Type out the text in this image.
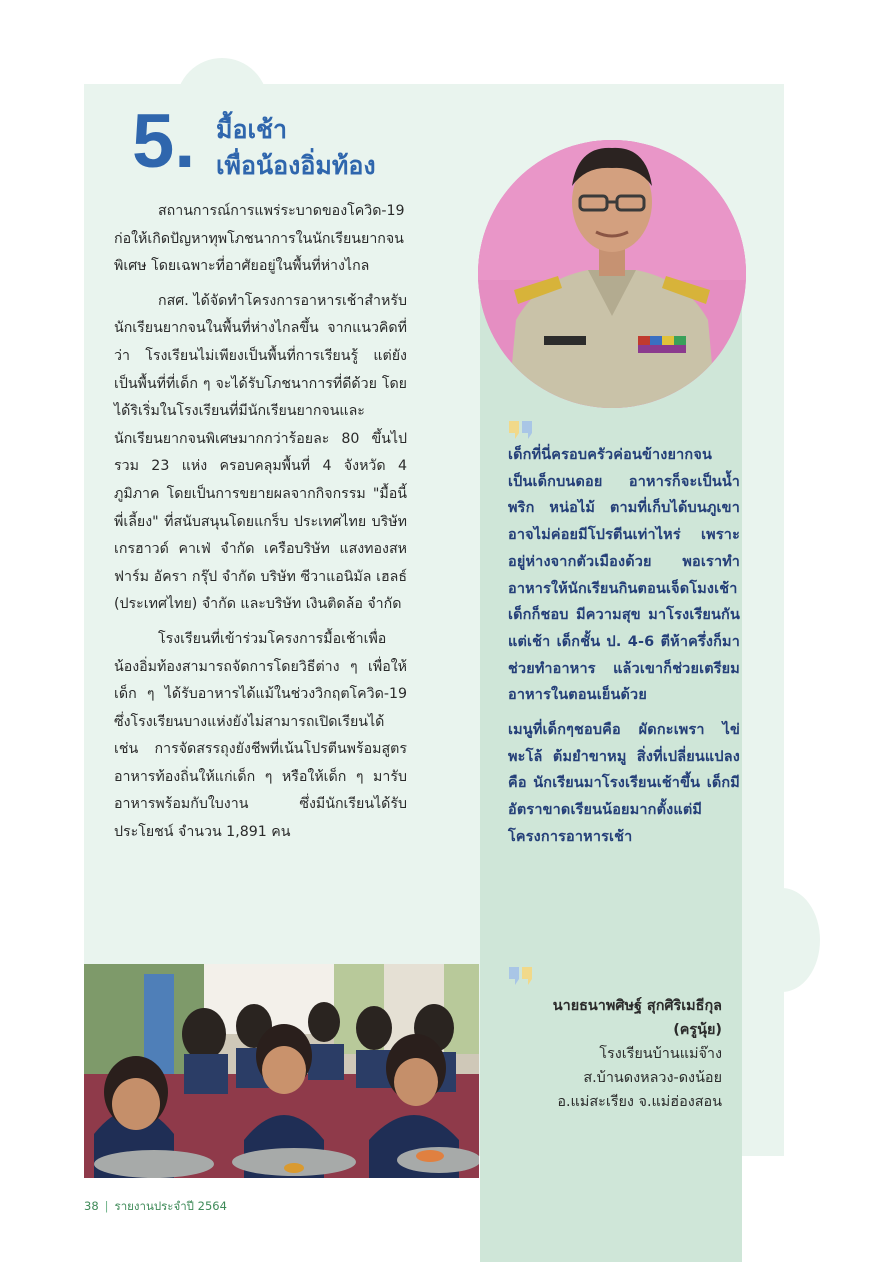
5. มื้อเช้า
เพื่อน้องอิ่มท้อง

สถานการณ์การแพร่ระบาดของโควิด-19 ก่อให้เกิดปัญหาทุพโภชนาการในนักเรียนยากจนพิเศษ โดยเฉพาะที่อาศัยอยู่ในพื้นที่ห่างไกล

กสศ. ได้จัดทำโครงการอาหารเช้าสำหรับนักเรียนยากจนในพื้นที่ห่างไกลขึ้น จากแนวคิดที่ว่า โรงเรียนไม่เพียงเป็นพื้นที่การเรียนรู้ แต่ยังเป็นพื้นที่ที่เด็ก ๆ จะได้รับโภชนาการที่ดีด้วย โดยได้ริเริ่มในโรงเรียนที่มีนักเรียนยากจนและนักเรียนยากจนพิเศษมากกว่าร้อยละ 80 ขึ้นไป รวม 23 แห่ง ครอบคลุมพื้นที่ 4 จังหวัด 4 ภูมิภาค โดยเป็นการขยายผลจากกิจกรรม "มื้อนี้พี่เลี้ยง" ที่สนับสนุนโดยแกร็บ ประเทศไทย บริษัทเกรฮาวด์ คาเฟ่ จำกัด เครือบริษัท แสงทองสหฟาร์ม อัครา กรุ๊ป จำกัด บริษัท ซีวาแอนิมัล เฮลธ์ (ประเทศไทย) จำกัด และบริษัท เงินติดล้อ จำกัด

โรงเรียนที่เข้าร่วมโครงการมื้อเช้าเพื่อน้องอิ่มท้องสามารถจัดการโดยวิธีต่าง ๆ เพื่อให้เด็ก ๆ ได้รับอาหารได้แม้ในช่วงวิกฤตโควิด-19 ซึ่งโรงเรียนบางแห่งยังไม่สามารถเปิดเรียนได้ เช่น การจัดสรรถุงยังชีพที่เน้นโปรตีนพร้อมสูตรอาหารท้องถิ่นให้แก่เด็ก ๆ หรือให้เด็ก ๆ มารับอาหารพร้อมกับใบงาน ซึ่งมีนักเรียนได้รับประโยชน์ จำนวน 1,891 คน

เด็กที่นี่ครอบครัวค่อนข้างยากจน เป็นเด็กบนดอย อาหารก็จะเป็นน้ำพริก หน่อไม้ ตามที่เก็บได้บนภูเขา อาจไม่ค่อยมีโปรตีนเท่าไหร่ เพราะอยู่ห่างจากตัวเมืองด้วย พอเราทำอาหารให้นักเรียนกินตอนเจ็ดโมงเช้า เด็กก็ชอบ มีความสุข มาโรงเรียนกันแต่เช้า เด็กชั้น ป. 4-6 ตีห้าครึ่งก็มาช่วยทำอาหาร แล้วเขาก็ช่วยเตรียมอาหารในตอนเย็นด้วย

เมนูที่เด็กๆชอบคือ ผัดกะเพรา ไข่พะโล้ ต้มยำขาหมู สิ่งที่เปลี่ยนแปลงคือ นักเรียนมาโรงเรียนเช้าขึ้น เด็กมีอัตราขาดเรียนน้อยมากตั้งแต่มีโครงการอาหารเช้า

นายธนาพศิษฐ์ สุกศิริเมธีกุล
(ครูนุ้ย)
โรงเรียนบ้านแม่จ๊าง
ส.บ้านดงหลวง-ดงน้อย
อ.แม่สะเรียง จ.แม่ฮ่องสอน
38 | รายงานประจำปี 2564
